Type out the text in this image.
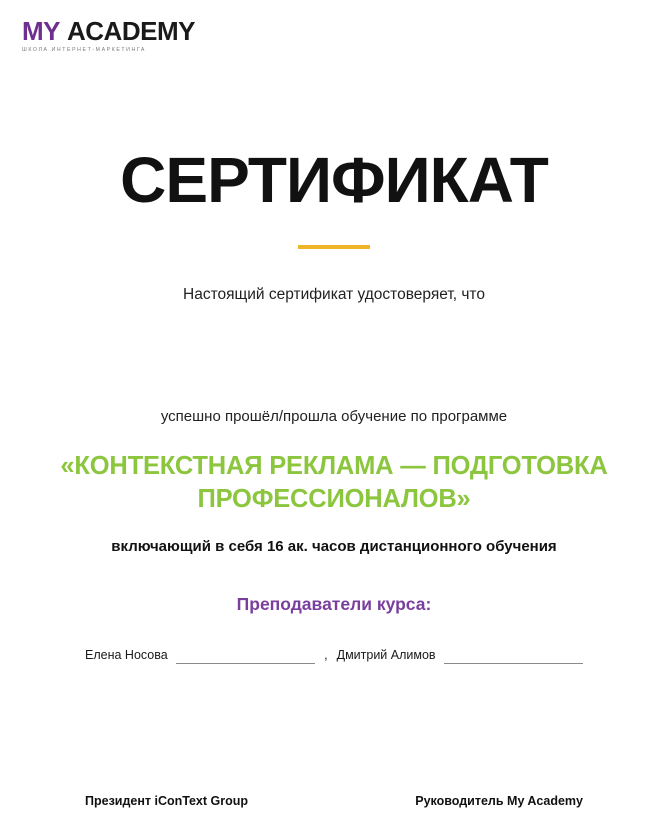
MY ACADEMY
ШКОЛА ИНТЕРНЕТ-МАРКЕТИНГА
СЕРТИФИКАТ
Настоящий сертификат удостоверяет, что
успешно прошёл/прошла обучение по программе
«КОНТЕКСТНАЯ РЕКЛАМА — ПОДГОТОВКА ПРОФЕССИОНАЛОВ»
включающий в себя 16 ак. часов дистанционного обучения
Преподаватели курса:
Елена Носова	, Дмитрий Алимов
Президент iConText Group	Руководитель My Academy
